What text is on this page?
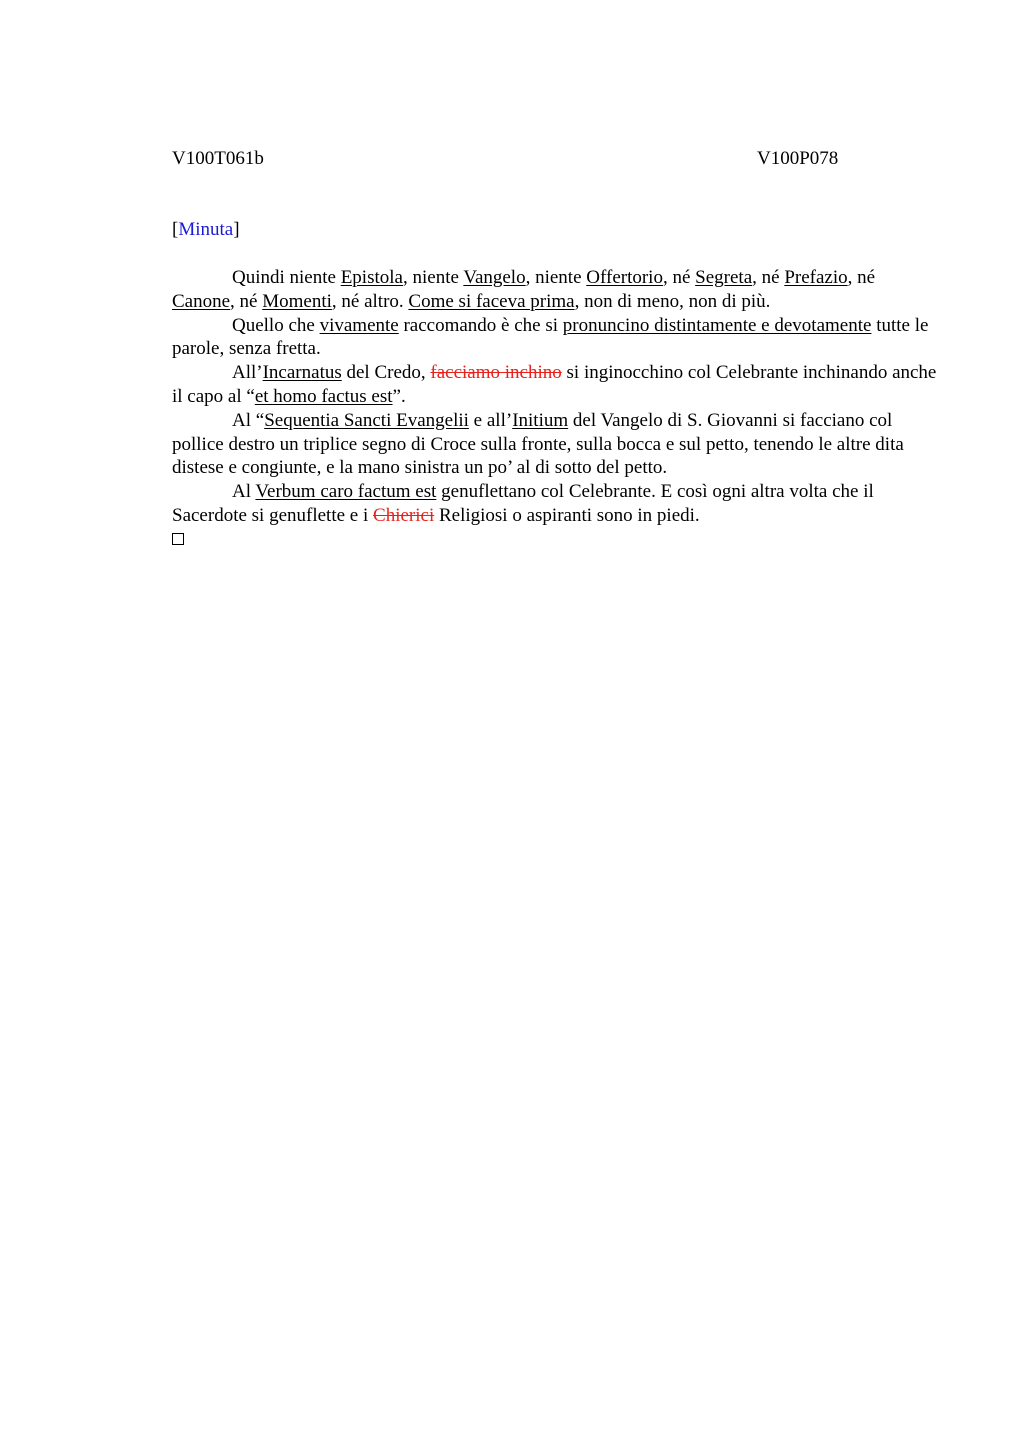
V100T061b	V100P078
[Minuta]

Quindi niente Epistola, niente Vangelo, niente Offertorio, né Segreta, né Prefazio, né Canone, né Momenti, né altro. Come si faceva prima, non di meno, non di più.

Quello che vivamente raccomando è che si pronuncino distintamente e devotamente tutte le parole, senza fretta.

All’Incarnatus del Credo, facciamo inchino si inginocchino col Celebrante inchinando anche il capo al “et homo factus est”.

Al “Sequentia Sancti Evangelii e all’Initium del Vangelo di S. Giovanni si facciano col pollice destro un triplice segno di Croce sulla fronte, sulla bocca e sul petto, tenendo le altre dita distese e congiunte, e la mano sinistra un po’ al di sotto del petto.

Al Verbum caro factum est genuflettano col Celebrante. E così ogni altra volta che il Sacerdote si genuflette e i Chierici Religiosi o aspiranti sono in piedi.
